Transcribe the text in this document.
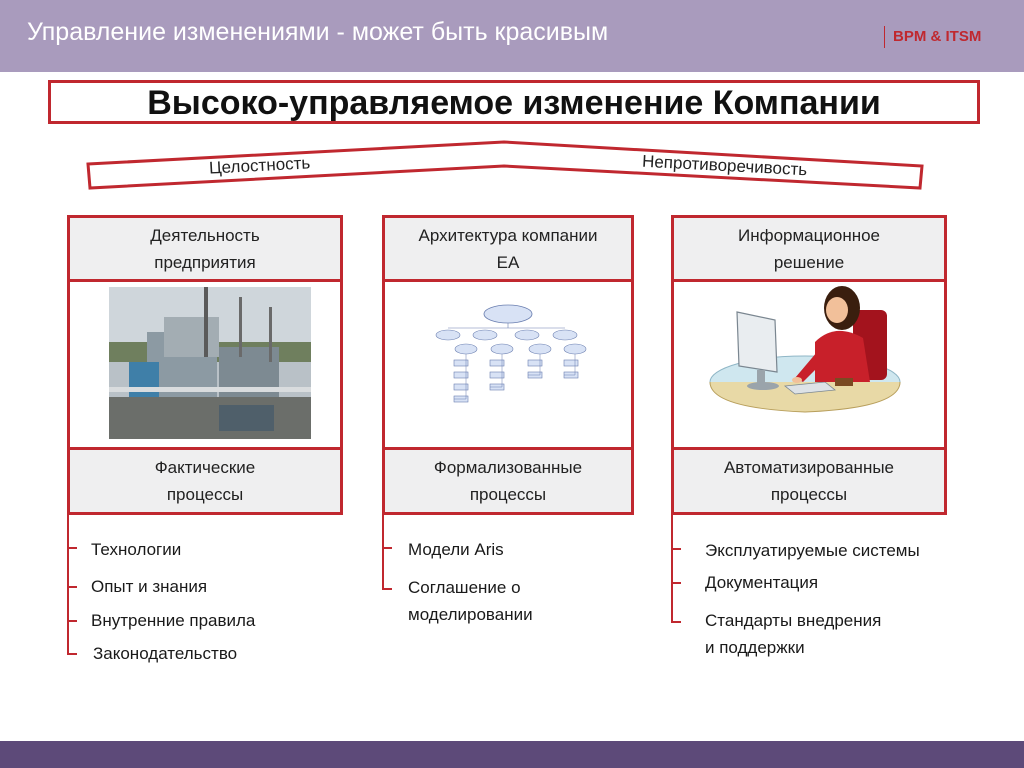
Управление изменениями - может быть красивым	BPM & ITSM
Высоко-управляемое изменение Компании
Целостность	Непротиворечивость
Деятельность
предприятия
Фактические
процессы
Технологии
Опыт и знания
Внутренние правила
Законодательство
Архитектура компании
EA
Формализованные
процессы
Модели Aris
Соглашение о
моделировании
Информационное
решение
Автоматизированные
процессы
Эксплуатируемые системы
Документация
Стандарты внедрения
и поддержки
